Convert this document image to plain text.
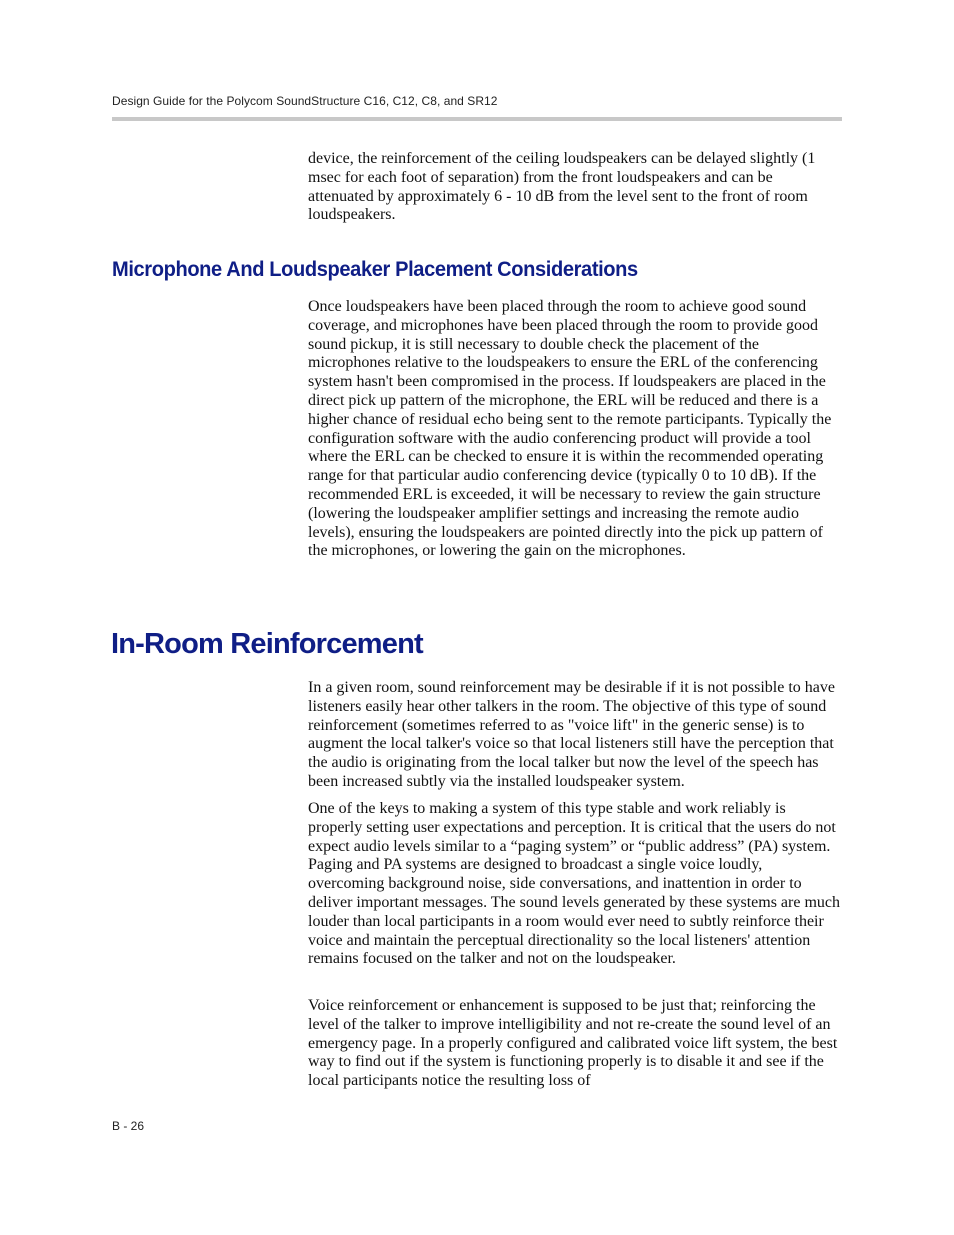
Design Guide for the Polycom SoundStructure C16, C12, C8, and SR12

device, the reinforcement of the ceiling loudspeakers can be delayed slightly (1 msec for each foot of separation) from the front loudspeakers and can be attenuated by approximately 6 - 10 dB from the level sent to the front of room loudspeakers.

Microphone And Loudspeaker Placement Considerations

Once loudspeakers have been placed through the room to achieve good sound coverage, and microphones have been placed through the room to provide good sound pickup, it is still necessary to double check the placement of the microphones relative to the loudspeakers to ensure the ERL of the conferencing system hasn't been compromised in the process. If loudspeakers are placed in the direct pick up pattern of the microphone, the ERL will be reduced and there is a higher chance of residual echo being sent to the remote participants. Typically the configuration software with the audio conferencing product will provide a tool where the ERL can be checked to ensure it is within the recommended operating range for that particular audio conferencing device (typically 0 to 10 dB). If the recommended ERL is exceeded, it will be necessary to review the gain structure (lowering the loudspeaker amplifier settings and increasing the remote audio levels), ensuring the loudspeakers are pointed directly into the pick up pattern of the microphones, or lowering the gain on the microphones.

In-Room Reinforcement

In a given room, sound reinforcement may be desirable if it is not possible to have listeners easily hear other talkers in the room. The objective of this type of sound reinforcement (sometimes referred to as "voice lift" in the generic sense) is to augment the local talker's voice so that local listeners still have the perception that the audio is originating from the local talker but now the level of the speech has been increased subtly via the installed loudspeaker system.

One of the keys to making a system of this type stable and work reliably is properly setting user expectations and perception. It is critical that the users do not expect audio levels similar to a “paging system” or “public address” (PA) system. Paging and PA systems are designed to broadcast a single voice loudly, overcoming background noise, side conversations, and inattention in order to deliver important messages. The sound levels generated by these systems are much louder than local participants in a room would ever need to subtly reinforce their voice and maintain the perceptual directionality so the local listeners' attention remains focused on the talker and not on the loudspeaker.

Voice reinforcement or enhancement is supposed to be just that; reinforcing the level of the talker to improve intelligibility and not re-create the sound level of an emergency page. In a properly configured and calibrated voice lift system, the best way to find out if the system is functioning properly is to disable it and see if the local participants notice the resulting loss of

B - 26
